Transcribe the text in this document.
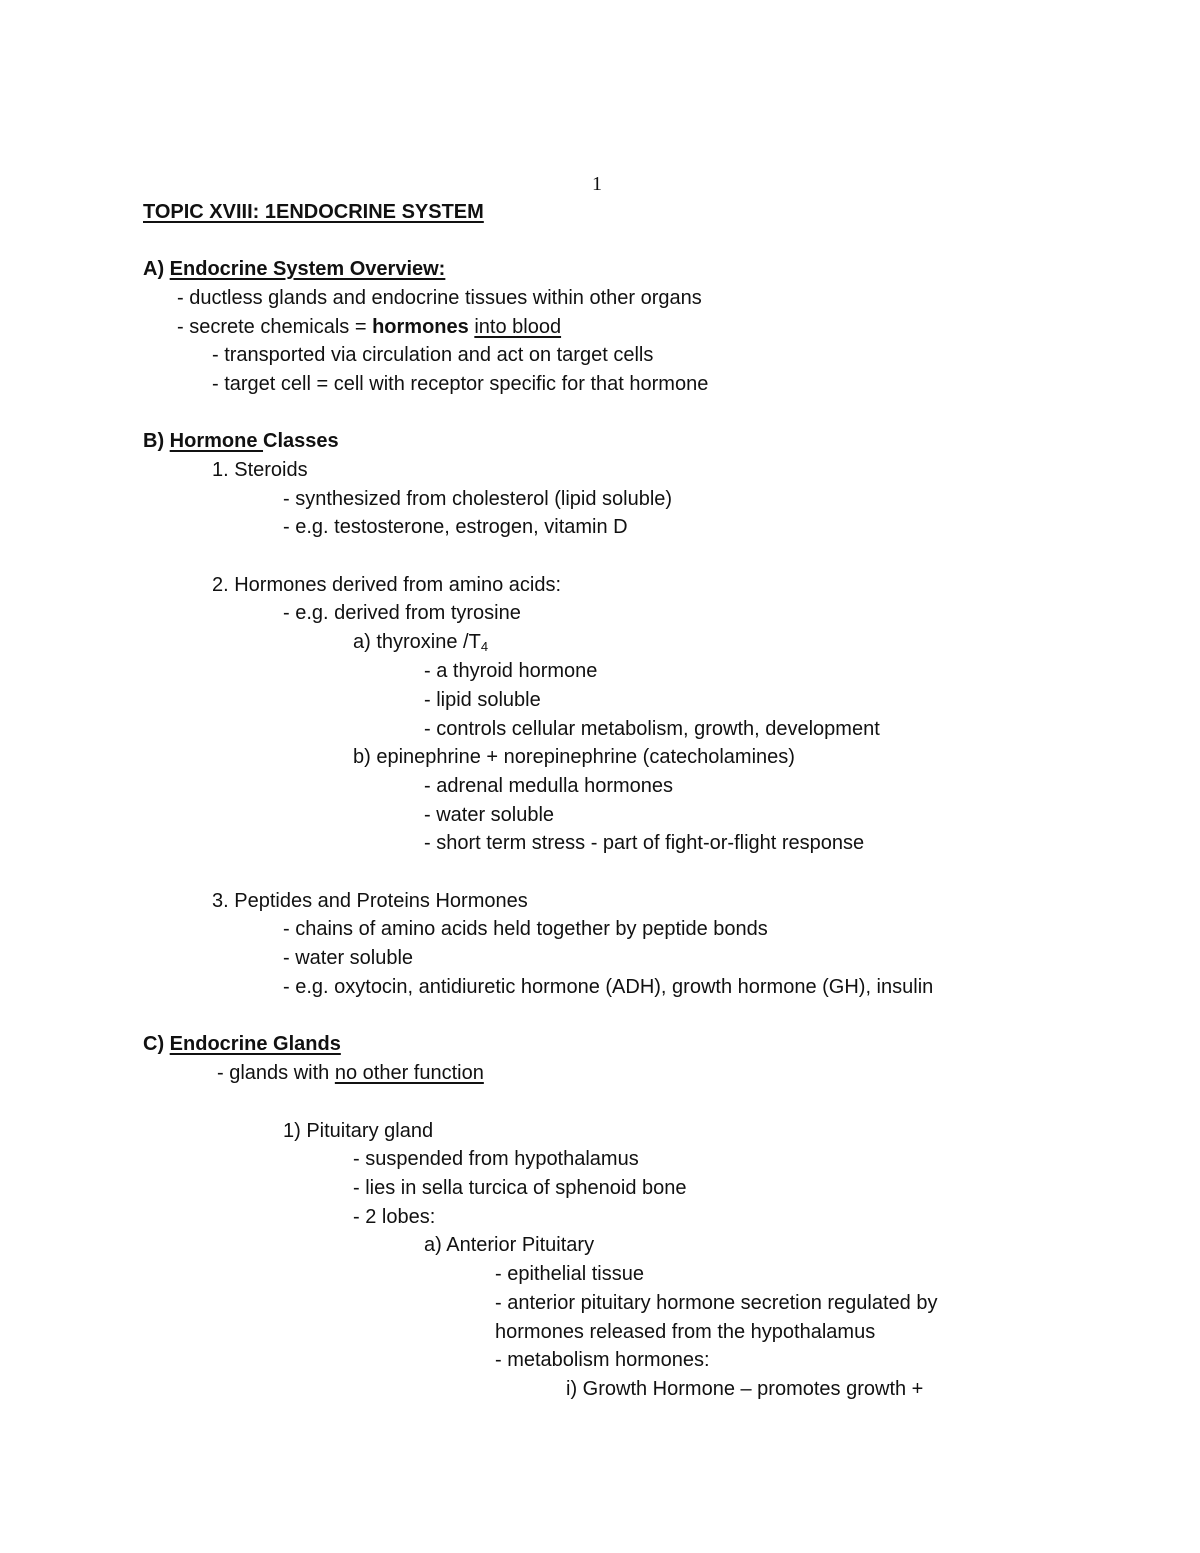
1
TOPIC XVIII: 1ENDOCRINE SYSTEM
A) Endocrine System Overview:
- ductless glands and endocrine tissues within other organs
- secrete chemicals = hormones into blood
- transported via circulation and act on target cells
- target cell = cell with receptor specific for that hormone
B) Hormone Classes
1. Steroids
- synthesized from cholesterol (lipid soluble)
- e.g. testosterone, estrogen, vitamin D
2. Hormones derived from amino acids:
- e.g. derived from tyrosine
a) thyroxine $/T_4$
- a thyroid hormone
- lipid soluble
- controls cellular metabolism, growth, development
b) epinephrine + norepinephrine (catecholamines)
- adrenal medulla hormones
- water soluble
- short term stress - part of fight-or-flight response
3. Peptides and Proteins Hormones
- chains of amino acids held together by peptide bonds
- water soluble
- e.g. oxytocin, antidiuretic hormone (ADH), growth hormone (GH), insulin
C) Endocrine Glands
- glands with no other function
1) Pituitary gland
- suspended from hypothalamus
- lies in sella turcica of sphenoid bone
- 2 lobes:
a) Anterior Pituitary
- epithelial tissue
- anterior pituitary hormone secretion regulated by
hormones released from the hypothalamus
- metabolism hormones:
i) Growth Hormone – promotes growth +
